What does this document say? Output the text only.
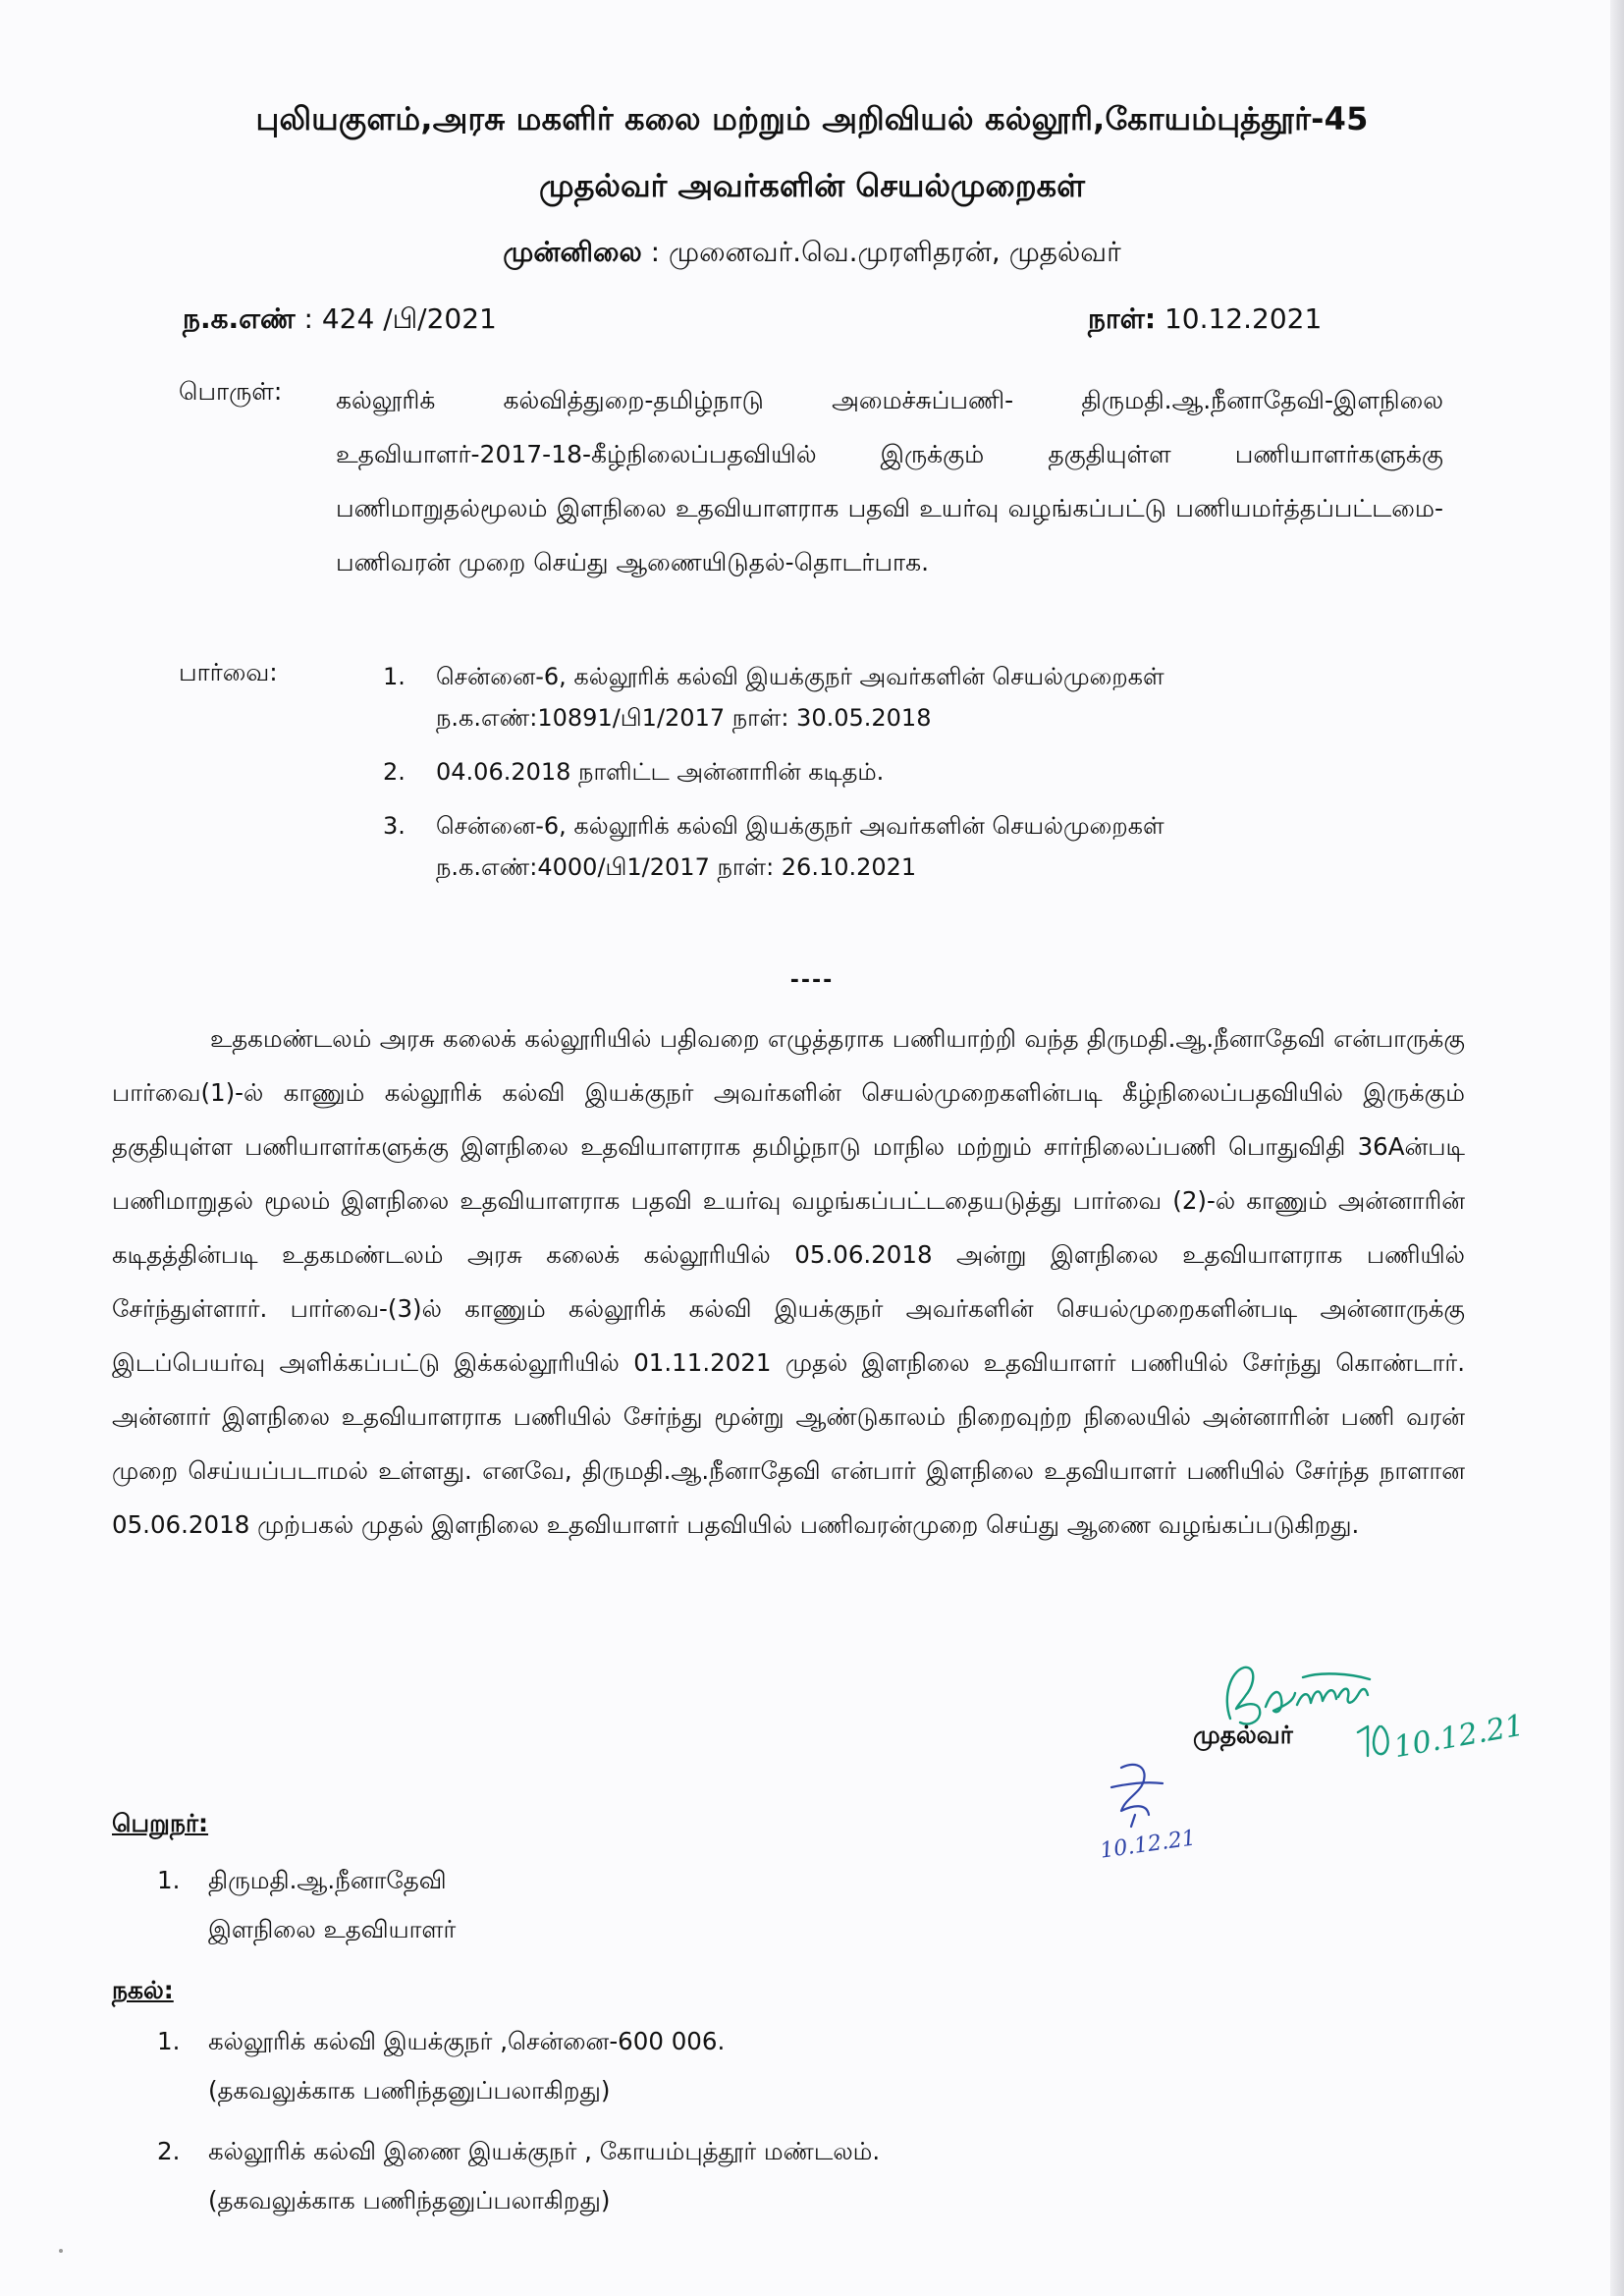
புலியகுளம்,அரசு மகளிர் கலை மற்றும் அறிவியல் கல்லூரி,கோயம்புத்தூர்-45
முதல்வர் அவர்களின் செயல்முறைகள்
முன்னிலை : முனைவர்.வெ.முரளிதரன், முதல்வர்
ந.க.எண் : 424 /பி/2021	நாள்: 10.12.2021
பொருள்: கல்லூரிக் கல்வித்துறை-தமிழ்நாடு அமைச்சுப்பணி- திருமதி.ஆ.நீனாதேவி-இளநிலை உதவியாளர்-2017-18-கீழ்நிலைப்பதவியில் இருக்கும் தகுதியுள்ள பணியாளர்களுக்கு பணிமாறுதல்மூலம் இளநிலை உதவியாளராக பதவி உயர்வு வழங்கப்பட்டு பணியமர்த்தப்பட்டமை-பணிவரன் முறை செய்து ஆணையிடுதல்-தொடர்பாக.

பார்வை:	1. சென்னை-6, கல்லூரிக் கல்வி இயக்குநர் அவர்களின் செயல்முறைகள்
ந.க.எண்:10891/பி1/2017 நாள்: 30.05.2018
2. 04.06.2018 நாளிட்ட அன்னாரின் கடிதம்.
3. சென்னை-6, கல்லூரிக் கல்வி இயக்குநர் அவர்களின் செயல்முறைகள்
ந.க.எண்:4000/பி1/2017 நாள்: 26.10.2021
----

உதகமண்டலம் அரசு கலைக் கல்லூரியில் பதிவறை எழுத்தராக பணியாற்றி வந்த திருமதி.ஆ.நீனாதேவி என்பாருக்கு பார்வை(1)-ல் காணும் கல்லூரிக் கல்வி இயக்குநர் அவர்களின் செயல்முறைகளின்படி கீழ்நிலைப்பதவியில் இருக்கும் தகுதியுள்ள பணியாளர்களுக்கு இளநிலை உதவியாளராக தமிழ்நாடு மாநில மற்றும் சார்நிலைப்பணி பொதுவிதி 36Aன்படி பணிமாறுதல் மூலம் இளநிலை உதவியாளராக பதவி உயர்வு வழங்கப்பட்டதையடுத்து பார்வை (2)-ல் காணும் அன்னாரின் கடிதத்தின்படி உதகமண்டலம் அரசு கலைக் கல்லூரியில் 05.06.2018 அன்று இளநிலை உதவியாளராக பணியில் சேர்ந்துள்ளார். பார்வை-(3)ல் காணும் கல்லூரிக் கல்வி இயக்குநர் அவர்களின் செயல்முறைகளின்படி அன்னாருக்கு இடப்பெயர்வு அளிக்கப்பட்டு இக்கல்லூரியில் 01.11.2021 முதல் இளநிலை உதவியாளர் பணியில் சேர்ந்து கொண்டார். அன்னார் இளநிலை உதவியாளராக பணியில் சேர்ந்து மூன்று ஆண்டுகாலம் நிறைவுற்ற நிலையில் அன்னாரின் பணி வரன் முறை செய்யப்படாமல் உள்ளது. எனவே, திருமதி.ஆ.நீனாதேவி என்பார் இளநிலை உதவியாளர் பணியில் சேர்ந்த நாளான 05.06.2018 முற்பகல் முதல் இளநிலை உதவியாளர் பதவியில் பணிவரன்முறை செய்து ஆணை வழங்கப்படுகிறது.

10.12.21
முதல்வர்
10.12.21
பெறுநர்:
1. திருமதி.ஆ.நீனாதேவி
இளநிலை உதவியாளர்
நகல்:
1. கல்லூரிக் கல்வி இயக்குநர் ,சென்னை-600 006.
(தகவலுக்காக பணிந்தனுப்பலாகிறது)
2. கல்லூரிக் கல்வி இணை இயக்குநர் , கோயம்புத்தூர் மண்டலம்.
(தகவலுக்காக பணிந்தனுப்பலாகிறது)
